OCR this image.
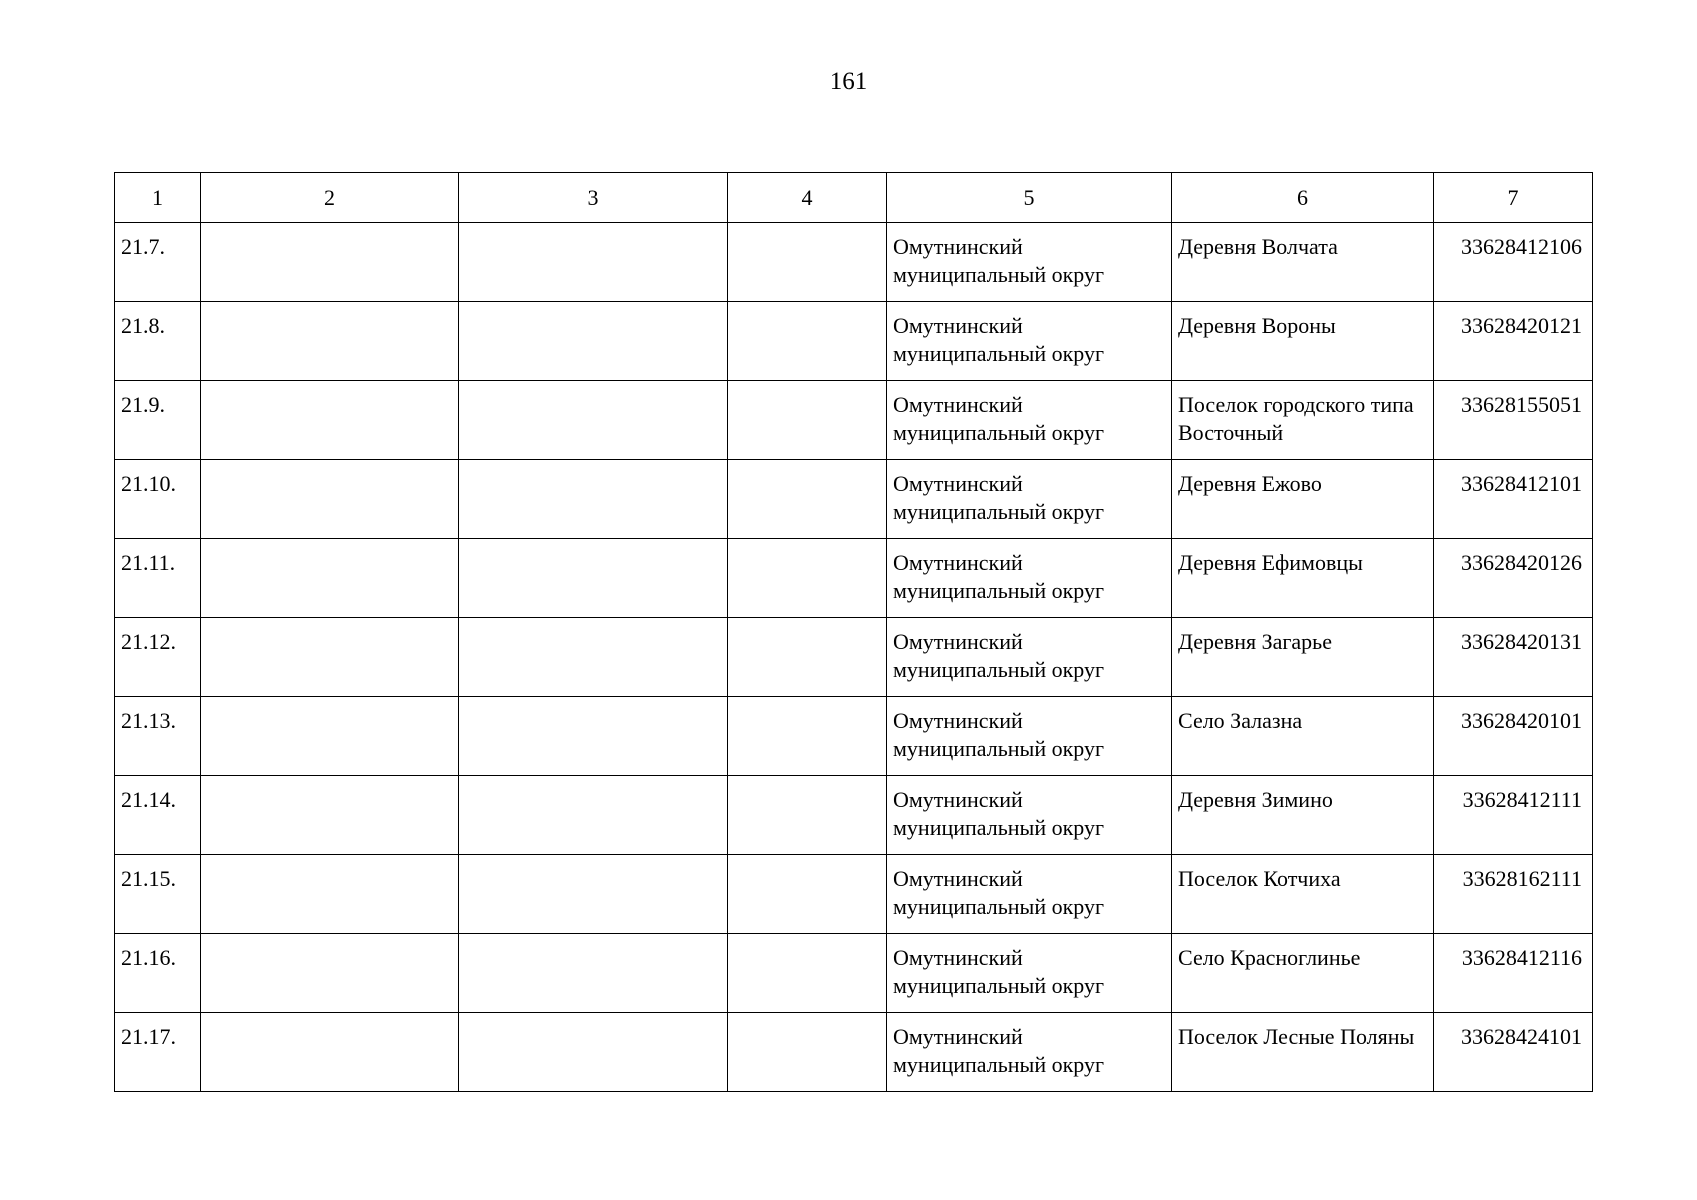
161
1	2	3	4	5	6	7
21.7.				Омутнинский муниципальный округ	Деревня Волчата	33628412106
21.8.				Омутнинский муниципальный округ	Деревня Вороны	33628420121
21.9.				Омутнинский муниципальный округ	Поселок городского типа Восточный	33628155051
21.10.				Омутнинский муниципальный округ	Деревня Ежово	33628412101
21.11.				Омутнинский муниципальный округ	Деревня Ефимовцы	33628420126
21.12.				Омутнинский муниципальный округ	Деревня Загарье	33628420131
21.13.				Омутнинский муниципальный округ	Село Залазна	33628420101
21.14.				Омутнинский муниципальный округ	Деревня Зимино	33628412111
21.15.				Омутнинский муниципальный округ	Поселок Котчиха	33628162111
21.16.				Омутнинский муниципальный округ	Село Красноглинье	33628412116
21.17.				Омутнинский муниципальный округ	Поселок Лесные Поляны	33628424101
